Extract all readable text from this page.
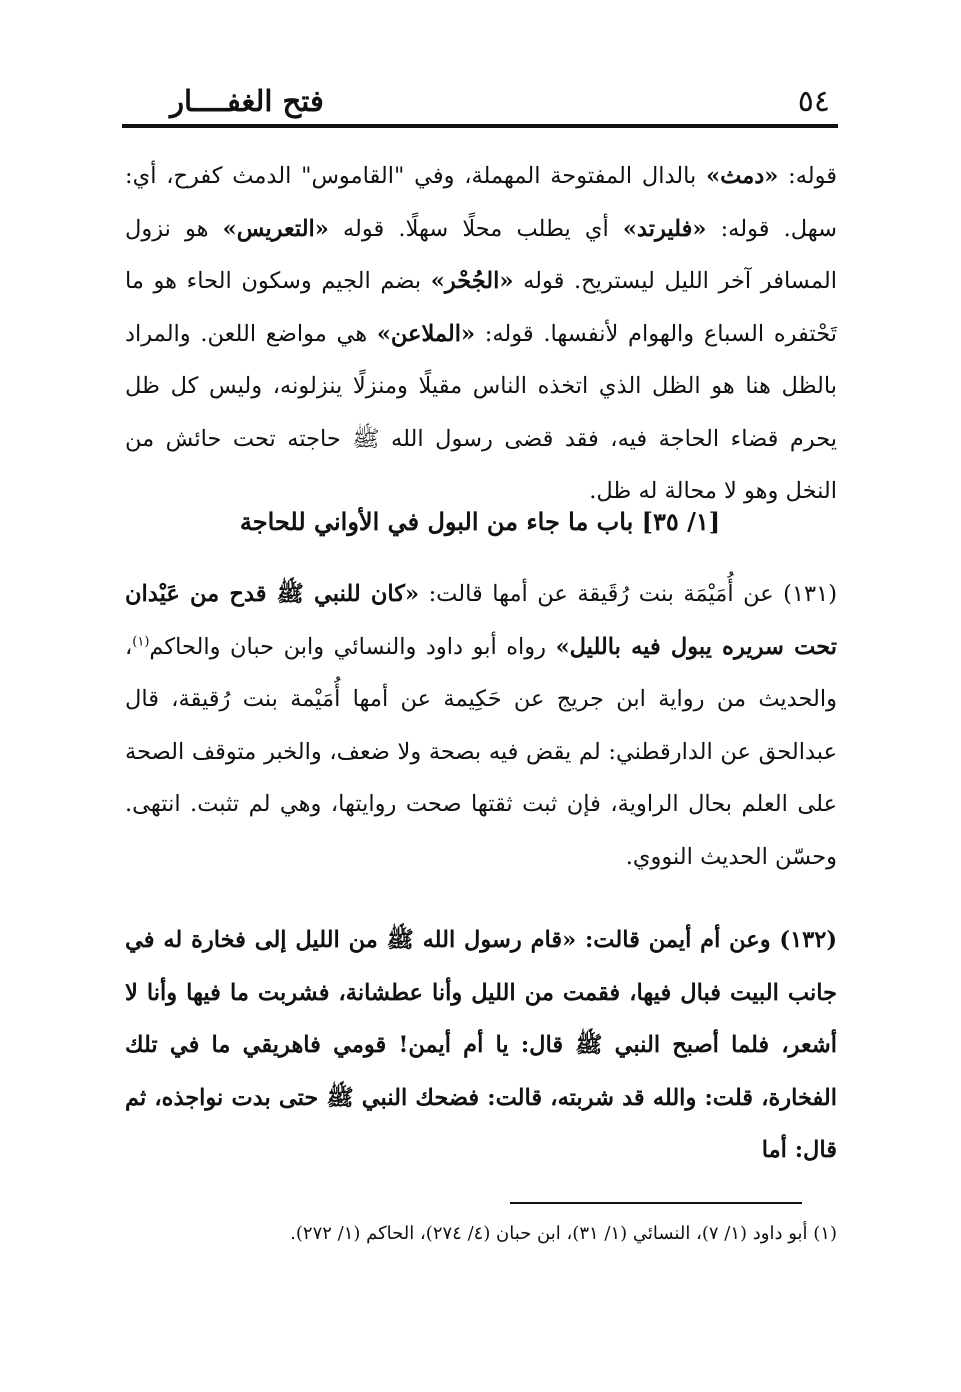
٥٤
فتح الغفــــار

قوله: «دمث» بالدال المفتوحة المهملة، وفي "القاموس" الدمث كفرح، أي: سهل. قوله: «فليرتد» أي يطلب محلًا سهلًا. قوله «التعريس» هو نزول المسافر آخر الليل ليستريح. قوله «الجُحْر» بضم الجيم وسكون الحاء هو ما تَحْتفره السباع والهوام لأنفسها. قوله: «الملاعن» هي مواضع اللعن. والمراد بالظل هنا هو الظل الذي اتخذه الناس مقيلًا ومنزلًا ينزلونه، وليس كل ظل يحرم قضاء الحاجة فيه، فقد قضى رسول الله ﷺ حاجته تحت حائش من النخل وهو لا محالة له ظل.

[١/ ٣٥] باب ما جاء من البول في الأواني للحاجة

(١٣١) عن أُمَيْمَة بنت رُقَيقة عن أمها قالت: «كان للنبي ﷺ قدح من عَيْدان تحت سريره يبول فيه بالليل» رواه أبو داود والنسائي وابن حبان والحاكم$^{(١)}$، والحديث من رواية ابن جريج عن حَكِيمة عن أمها أُمَيْمة بنت رُقيقة، قال عبدالحق عن الدارقطني: لم يقض فيه بصحة ولا ضعف، والخبر متوقف الصحة على العلم بحال الراوية، فإن ثبت ثقتها صحت روايتها، وهي لم تثبت. انتهى. وحسّن الحديث النووي.

(١٣٢) وعن أم أيمن قالت: «قام رسول الله ﷺ من الليل إلى فخارة له في جانب البيت فبال فيها، فقمت من الليل وأنا عطشانة، فشربت ما فيها وأنا لا أشعر، فلما أصبح النبي ﷺ قال: يا أم أيمن! قومي فاهريقي ما في تلك الفخارة، قلت: والله قد شربته، قالت: فضحك النبي ﷺ حتى بدت نواجذه، ثم قال: أما

(١) أبو داود (١/ ٧)، النسائي (١/ ٣١)، ابن حبان (٤/ ٢٧٤)، الحاكم (١/ ٢٧٢).
